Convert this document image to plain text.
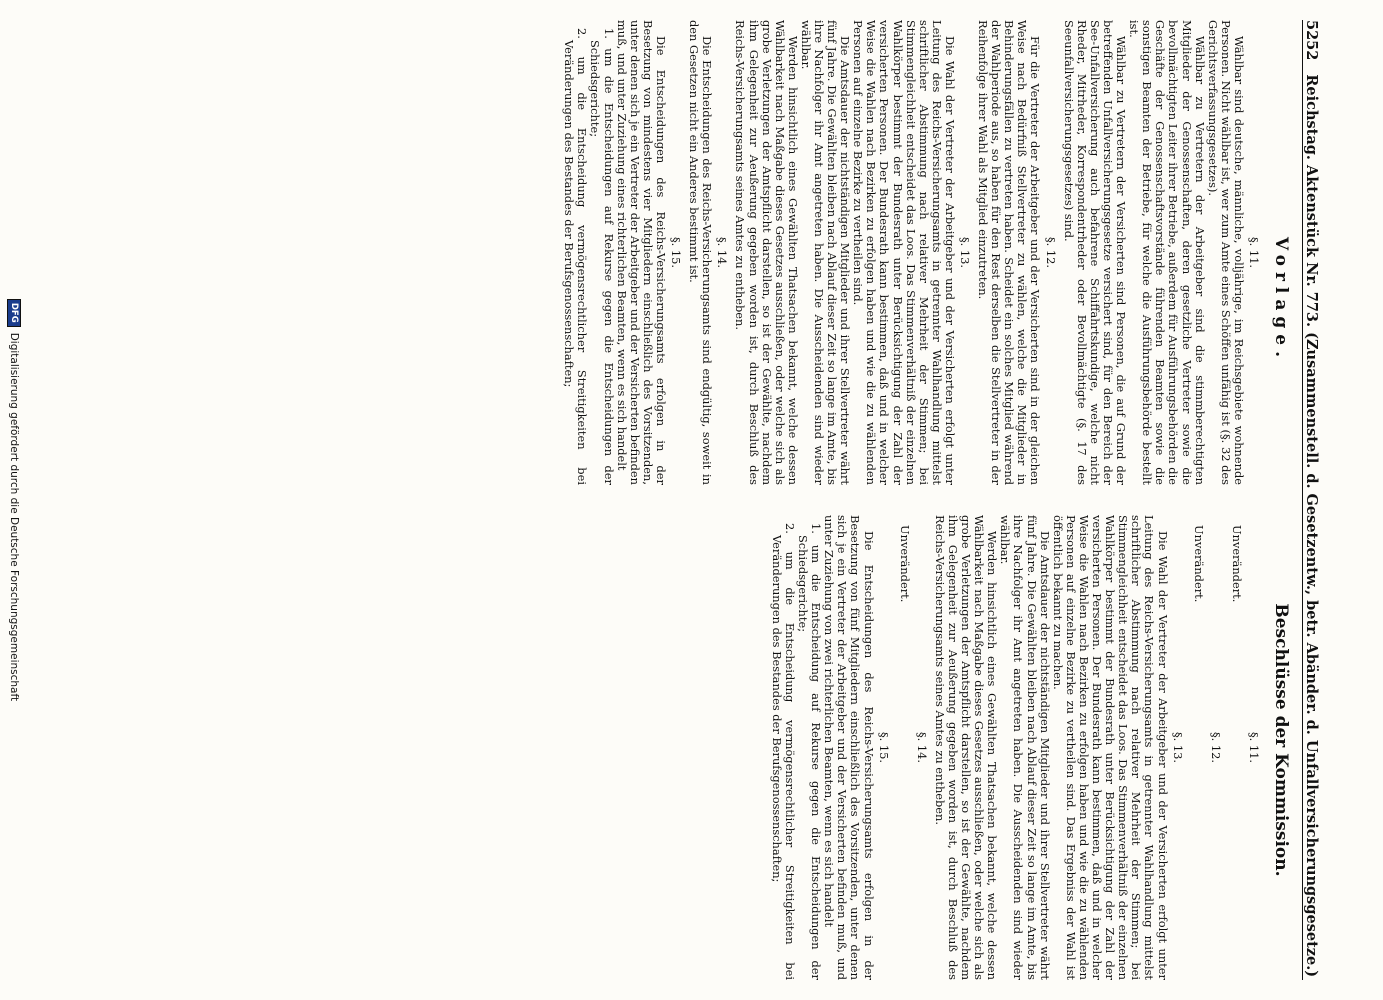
5252
Reichstag. Aktenstück Nr. 773. (Zusammenstell. d. Gesetzentw., betr. Abänder. d. Unfallversicherungsgesetze.)
Vorlage.
Beschlüsse der Kommission.
§. 11.

Wählbar sind deutsche, männliche, volljährige, im Reichsgebiete wohnende Personen. Nicht wählbar ist, wer zum Amte eines Schöffen unfähig ist (§. 32 des Gerichtsverfassungsgesetzes).

Wählbar zu Vertretern der Arbeitgeber sind die stimmberechtigten Mitglieder der Genossenschaften, deren gesetzliche Vertreter sowie die bevollmächtigten Leiter ihrer Betriebe, außerdem für Ausführungsbehörden die Geschäfte der Genossenschaftsvorstände führenden Beamten sowie die sonstigen Beamten der Betriebe, für welche die Ausführungsbehörde bestellt ist.

Wählbar zu Vertretern der Versicherten sind Personen, die auf Grund der betreffenden Unfallversicherungsgesetze versichert sind, für den Bereich der See-Unfallversicherung auch befahrene Schiffahrtskundige, welche nicht Rheder, Mitrheder, Korrespondentrheder oder Bevollmächtigte (§. 17 des Seeunfallversicherungsgesetzes) sind.

§. 12.

Für die Vertreter der Arbeitgeber und der Versicherten sind in der gleichen Weise nach Bedürfniß Stellvertreter zu wählen, welche die Mitglieder in Behinderungsfällen zu vertreten haben. Scheidet ein solches Mitglied während der Wahlperiode aus, so haben für den Rest derselben die Stellvertreter in der Reihenfolge ihrer Wahl als Mitglied einzutreten.

§. 13.

Die Wahl der Vertreter der Arbeitgeber und der Versicherten erfolgt unter Leitung des Reichs-Versicherungsamts in getrennter Wahlhandlung mittelst schriftlicher Abstimmung nach relativer Mehrheit der Stimmen; bei Stimmengleichheit entscheidet das Loos. Das Stimmenverhältniß der einzelnen Wahlkörper bestimmt der Bundesrath unter Berücksichtigung der Zahl der versicherten Personen. Der Bundesrath kann bestimmen, daß und in welcher Weise die Wahlen nach Bezirken zu erfolgen haben und wie die zu wählenden Personen auf einzelne Bezirke zu vertheilen sind.

Die Amtsdauer der nichtständigen Mitglieder und ihrer Stellvertreter währt fünf Jahre. Die Gewählten bleiben nach Ablauf dieser Zeit so lange im Amte, bis ihre Nachfolger ihr Amt angetreten haben. Die Ausscheidenden sind wieder wählbar.

Werden hinsichtlich eines Gewählten Thatsachen bekannt, welche dessen Wählbarkeit nach Maßgabe dieses Gesetzes ausschließen, oder welche sich als grobe Verletzungen der Amtspflicht darstellen, so ist der Gewählte, nachdem ihm Gelegenheit zur Aeußerung gegeben worden ist, durch Beschluß des Reichs-Versicherungsamts seines Amtes zu entheben.

§. 14.

Die Entscheidungen des Reichs-Versicherungsamts sind endgültig, soweit in den Gesetzen nicht ein Anderes bestimmt ist.

§. 15.

Die Entscheidungen des Reichs-Versicherungsamts erfolgen in der Besetzung von mindestens vier Mitgliedern einschließlich des Vorsitzenden, unter denen sich je ein Vertreter der Arbeitgeber und der Versicherten befinden muß, und unter Zuziehung eines richterlichen Beamten, wenn es sich handelt

1. um die Entscheidungen auf Rekurse gegen die Entscheidungen der Schiedsgerichte;

2. um die Entscheidung vermögensrechtlicher Streitigkeiten bei Veränderungen des Bestandes der Berufsgenossenschaften;

§. 11.
Unverändert.
§. 12.
Unverändert.
§. 13.

Die Wahl der Vertreter der Arbeitgeber und der Versicherten erfolgt unter Leitung des Reichs-Versicherungsamts in getrennter Wahlhandlung mittelst schriftlicher Abstimmung nach relativer Mehrheit der Stimmen; bei Stimmengleichheit entscheidet das Loos. Das Stimmenverhältniß der einzelnen Wahlkörper bestimmt der Bundesrath unter Berücksichtigung der Zahl der versicherten Personen. Der Bundesrath kann bestimmen, daß und in welcher Weise die Wahlen nach Bezirken zu erfolgen haben und wie die zu wählenden Personen auf einzelne Bezirke zu vertheilen sind. Das Ergebniss der Wahl ist öffentlich bekannt zu machen.

Die Amtsdauer der nichtständigen Mitglieder und ihrer Stellvertreter währt fünf Jahre. Die Gewählten bleiben nach Ablauf dieser Zeit so lange im Amte, bis ihre Nachfolger ihr Amt angetreten haben. Die Ausscheidenden sind wieder wählbar.

Werden hinsichtlich eines Gewählten Thatsachen bekannt, welche dessen Wählbarkeit nach Maßgabe dieses Gesetzes ausschließen, oder welche sich als grobe Verletzungen der Amtspflicht darstellen, so ist der Gewählte, nachdem ihm Gelegenheit zur Aeußerung gegeben worden ist, durch Beschluß des Reichs-Versicherungsamts seines Amtes zu entheben.

§. 14.
Unverändert.
§. 15.

Die Entscheidungen des Reichs-Versicherungsamts erfolgen in der Besetzung von fünf Mitgliedern einschließlich des Vorsitzenden, unter denen sich je ein Vertreter der Arbeitgeber und der Versicherten befinden muß, und unter Zuziehung von zwei richterlichen Beamten, wenn es sich handelt

1. um die Entscheidung auf Rekurse gegen die Entscheidungen der Schiedsgerichte;

2. um die Entscheidung vermögensrechtlicher Streitigkeiten bei Veränderungen des Bestandes der Berufsgenossenschaften;

DFG
Digitalisierung gefördert durch die Deutsche Forschungsgemeinschaft
